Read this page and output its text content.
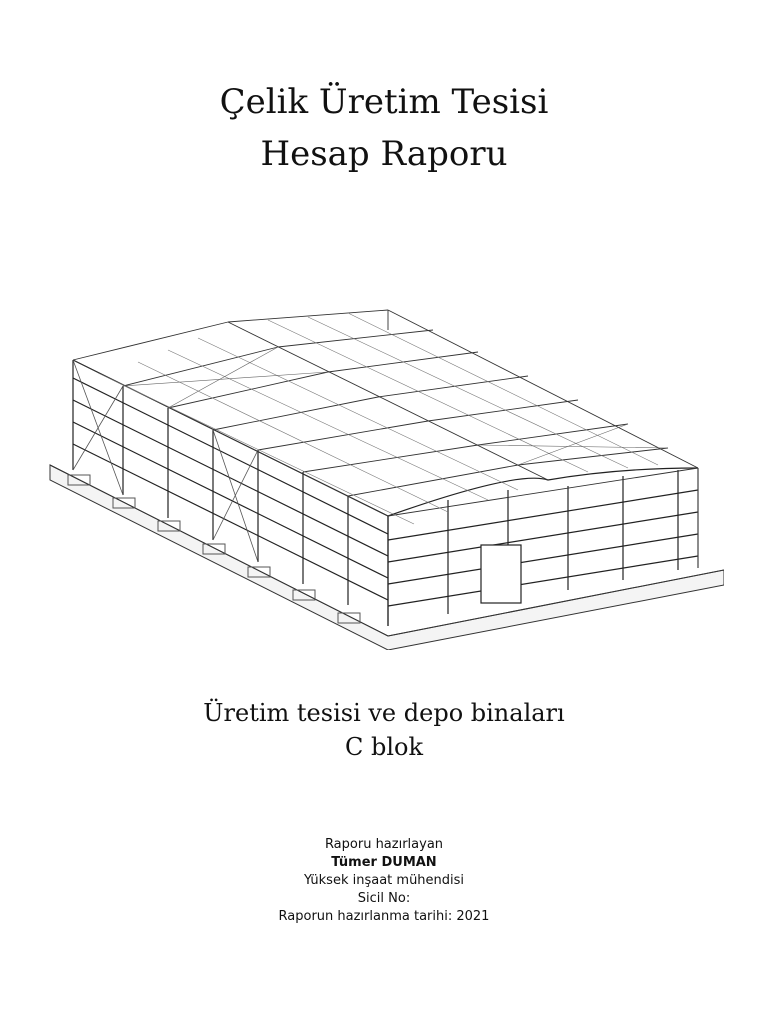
Çelik Üretim Tesisi
Hesap Raporu
Üretim tesisi ve depo binaları
C blok
Raporu hazırlayan
Tümer DUMAN
Yüksek inşaat mühendisi
Sicil No:
Raporun hazırlanma tarihi: 2021
